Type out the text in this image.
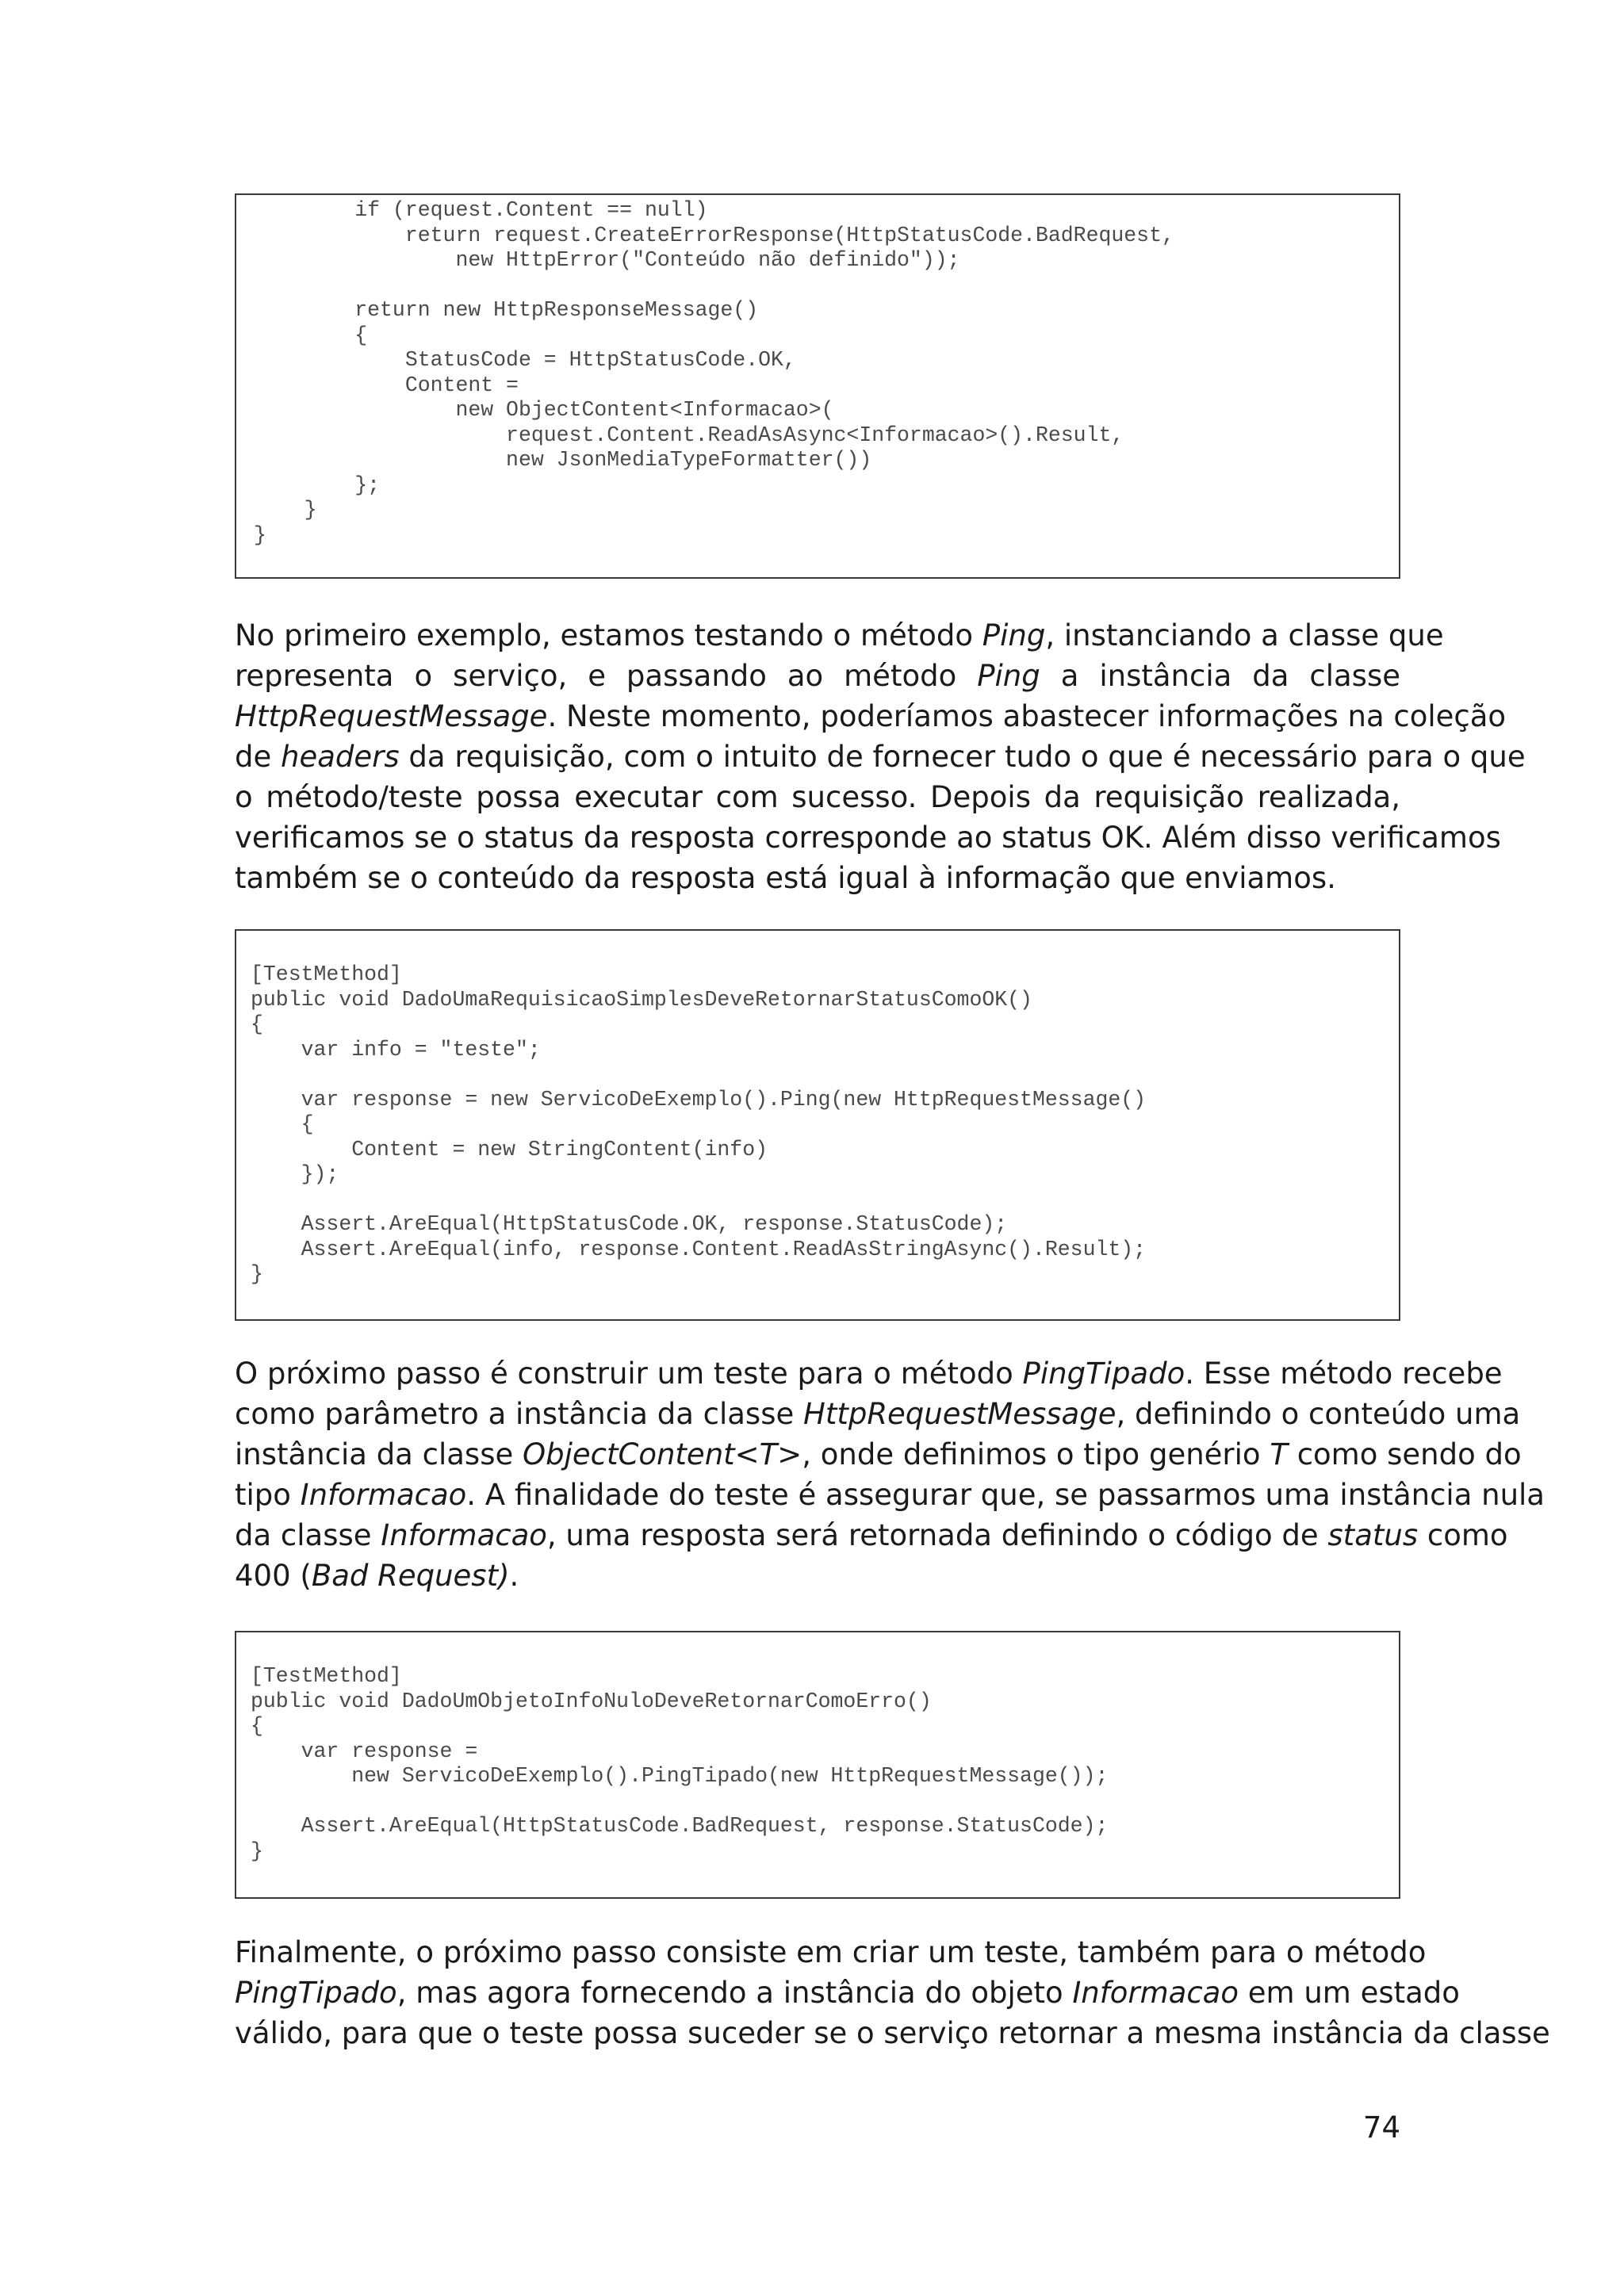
if (request.Content == null)
return request.CreateErrorResponse(HttpStatusCode.BadRequest,
new HttpError("Conteúdo não definido"));

return new HttpResponseMessage()
{
StatusCode = HttpStatusCode.OK,
Content =
new ObjectContent<Informacao>(
request.Content.ReadAsAsync<Informacao>().Result,
new JsonMediaTypeFormatter())
};
}
}
No primeiro exemplo, estamos testando o método Ping, instanciando a classe que
representa o serviço, e passando ao método Ping a instância da classe
HttpRequestMessage. Neste momento, poderíamos abastecer informações na coleção
de headers da requisição, com o intuito de fornecer tudo o que é necessário para o que
o método/teste possa executar com sucesso. Depois da requisição realizada,
verificamos se o status da resposta corresponde ao status OK. Além disso verificamos
também se o conteúdo da resposta está igual à informação que enviamos.
[TestMethod]
public void DadoUmaRequisicaoSimplesDeveRetornarStatusComoOK()
{
var info = "teste";

var response = new ServicoDeExemplo().Ping(new HttpRequestMessage()
{
Content = new StringContent(info)
});

Assert.AreEqual(HttpStatusCode.OK, response.StatusCode);
Assert.AreEqual(info, response.Content.ReadAsStringAsync().Result);
}
O próximo passo é construir um teste para o método PingTipado. Esse método recebe
como parâmetro a instância da classe HttpRequestMessage, definindo o conteúdo uma
instância da classe ObjectContent<T>, onde definimos o tipo genério T como sendo do
tipo Informacao. A finalidade do teste é assegurar que, se passarmos uma instância nula
da classe Informacao, uma resposta será retornada definindo o código de status como
400 (Bad Request).
[TestMethod]
public void DadoUmObjetoInfoNuloDeveRetornarComoErro()
{
var response =
new ServicoDeExemplo().PingTipado(new HttpRequestMessage());

Assert.AreEqual(HttpStatusCode.BadRequest, response.StatusCode);
}
Finalmente, o próximo passo consiste em criar um teste, também para o método
PingTipado, mas agora fornecendo a instância do objeto Informacao em um estado
válido, para que o teste possa suceder se o serviço retornar a mesma instância da classe
74
